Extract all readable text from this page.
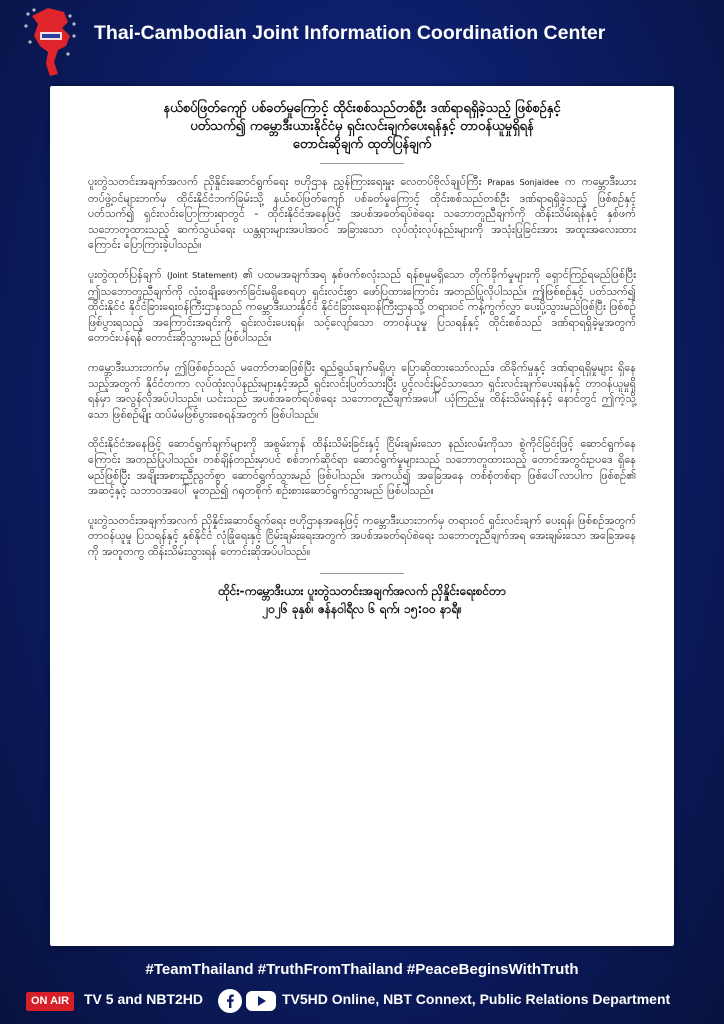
Thai-Cambodian Joint Information Coordination Center

နယ်စပ်ဖြတ်ကျော် ပစ်ခတ်မှုကြောင့် ထိုင်းစစ်သည်တစ်ဦး ဒဏ်ရာရရှိခဲ့သည့် ဖြစ်စဉ်နှင့်
ပတ်သက်၍ ကမ္ဘောဒီးယားနိုင်ငံမှ ရှင်းလင်းချက်ပေးရန်နှင့် တာဝန်ယူမှုရှိရန်
တောင်းဆိုချက် ထုတ်ပြန်ချက်

ပူးတွဲသတင်းအချက်အလက် ညှိနှိုင်းဆောင်ရွက်ရေး ဗဟိုဌာန ညွှန်ကြားရေးမှူး လေတပ်ဗိုလ်ချုပ်ကြီး Prapas Sonjaidee က ကမ္ဘောဒီးယား တပ်ဖွဲ့ဝင်များဘက်မှ ထိုင်းနိုင်ငံဘက်ခြမ်းသို့ နယ်စပ်ဖြတ်ကျော် ပစ်ခတ်မှုကြောင့် ထိုင်းစစ်သည်တစ်ဦး ဒဏ်ရာရရှိခဲ့သည့် ဖြစ်စဉ်နှင့် ပတ်သက်၍ ရှင်းလင်းပြောကြားရာတွင် - ထိုင်းနိုင်ငံအနေဖြင့် အပစ်အခတ်ရပ်စဲရေး သဘောတူညီချက်ကို ထိန်းသိမ်းရန်နှင့် နှစ်ဖက်သဘောတူထားသည့် ဆက်သွယ်ရေး ယန္တရားများအပါအဝင် အခြားသော လုပ်ထုံးလုပ်နည်းများကို အသုံးပြုခြင်းအား အထူးအလေးထားကြောင်း ပြောကြားခဲ့ပါသည်။

ပူးတွဲထုတ်ပြန်ချက် (Joint Statement) ၏ ပထမအချက်အရ နှစ်ဖက်စလုံးသည် ရန်စမှုမရှိသော တိုက်ခိုက်မှုများကို ရှောင်ကြဉ်ရမည်ဖြစ်ပြီး ဤသဘောတူညီချက်ကို လုံးဝချိုးဖောက်ခြင်းမရှိစေရဟု ရှင်းလင်းစွာ ဖော်ပြထားကြောင်း အတည်ပြုလိုပါသည်။ ဤဖြစ်စဉ်နှင့် ပတ်သက်၍ ထိုင်းနိုင်ငံ နိုင်ငံခြားရေးဝန်ကြီးဌာနသည် ကမ္ဘောဒီးယားနိုင်ငံ နိုင်ငံခြားရေးဝန်ကြီးဌာနသို့ တရားဝင် ကန့်ကွက်လွှာ ပေးပို့သွားမည်ဖြစ်ပြီး ဖြစ်စဉ် ဖြစ်ပွားရသည့် အကြောင်းအရင်းကို ရှင်းလင်းပေးရန်၊ သင့်လျော်သော တာဝန်ယူမှု ပြသရန်နှင့် ထိုင်းစစ်သည် ဒဏ်ရာရရှိခဲ့မှုအတွက် တောင်းပန်ရန် တောင်းဆိုသွားမည် ဖြစ်ပါသည်။

ကမ္ဘောဒီးယားဘက်မှ ဤဖြစ်စဉ်သည် မတော်တဆဖြစ်ပြီး ရည်ရွယ်ချက်မရှိဟု ပြောဆိုထားသော်လည်း၊ ထိခိုက်မှုနှင့် ဒဏ်ရာရရှိမှုများ ရှိနေသည့်အတွက် နိုင်ငံတကာ လုပ်ထုံးလုပ်နည်းများနှင့်အညီ ရှင်းလင်းပြတ်သားပြီး ပွင့်လင်းမြင်သာသော ရှင်းလင်းချက်ပေးရန်နှင့် တာဝန်ယူမှုရှိရန်မှာ အလွန်လိုအပ်ပါသည်။ ယင်းသည် အပစ်အခတ်ရပ်စဲရေး သဘောတူညီချက်အပေါ် ယုံကြည်မှု ထိန်းသိမ်းရန်နှင့် နောင်တွင် ဤကဲ့သို့သော ဖြစ်စဉ်မျိုး ထပ်မံမဖြစ်ပွားစေရန်အတွက် ဖြစ်ပါသည်။

ထိုင်းနိုင်ငံအနေဖြင့် ဆောင်ရွက်ချက်များကို အစွမ်းကုန် ထိန်းသိမ်းခြင်းနှင့် ငြိမ်းချမ်းသော နည်းလမ်းကိုသာ စွဲကိုင်ခြင်းဖြင့် ဆောင်ရွက်နေကြောင်း အတည်ပြုပါသည်။ တစ်ချိန်တည်းမှာပင် စစ်ဘက်ဆိုင်ရာ ဆောင်ရွက်မှုများသည် သဘောတူထားသည့် တောင်အတွင်းဥပဒေ ရှိနေမည်ဖြစ်ပြီး အချိုးအစားညီညွတ်စွာ ဆောင်ရွက်သွားမည် ဖြစ်ပါသည်။ အကယ်၍ အခြေအနေ တစ်စုံတစ်ရာ ဖြစ်ပေါ်လာပါက ဖြစ်စဉ်၏ အဆင့်နှင့် သဘာဝအပေါ် မူတည်၍ ဂရုတစိုက် စဉ်းစားဆောင်ရွက်သွားမည် ဖြစ်ပါသည်။

ပူးတွဲသတင်းအချက်အလက် ညှိနှိုင်းဆောင်ရွက်ရေး ဗဟိုဌာနအနေဖြင့် ကမ္ဘောဒီးယားဘက်မှ တရားဝင် ရှင်းလင်းချက် ပေးရန်၊ ဖြစ်စဉ်အတွက် တာဝန်ယူမှု ပြသရန်နှင့် နှစ်နိုင်ငံ လုံခြုံရေးနှင့် ငြိမ်းချမ်းရေးအတွက် အပစ်အခတ်ရပ်စဲရေး သဘောတူညီချက်အရ အေးချမ်းသော အခြေအနေကို အတူတကွ ထိန်းသိမ်းသွားရန် တောင်းဆိုအပ်ပါသည်။

ထိုင်း-ကမ္ဘောဒီးယား ပူးတွဲသတင်းအချက်အလက် ညှိနှိုင်းရေးစင်တာ
၂၀၂၆ ခုနှစ်၊ ဇန်နဝါရီလ ၆ ရက်၊ ၁၅:၀၀ နာရီ။

#TeamThailand #TruthFromThailand #PeaceBeginsWithTruth
ON AIR	TV 5 and NBT2HD	TV5HD Online, NBT Connext, Public Relations Department
